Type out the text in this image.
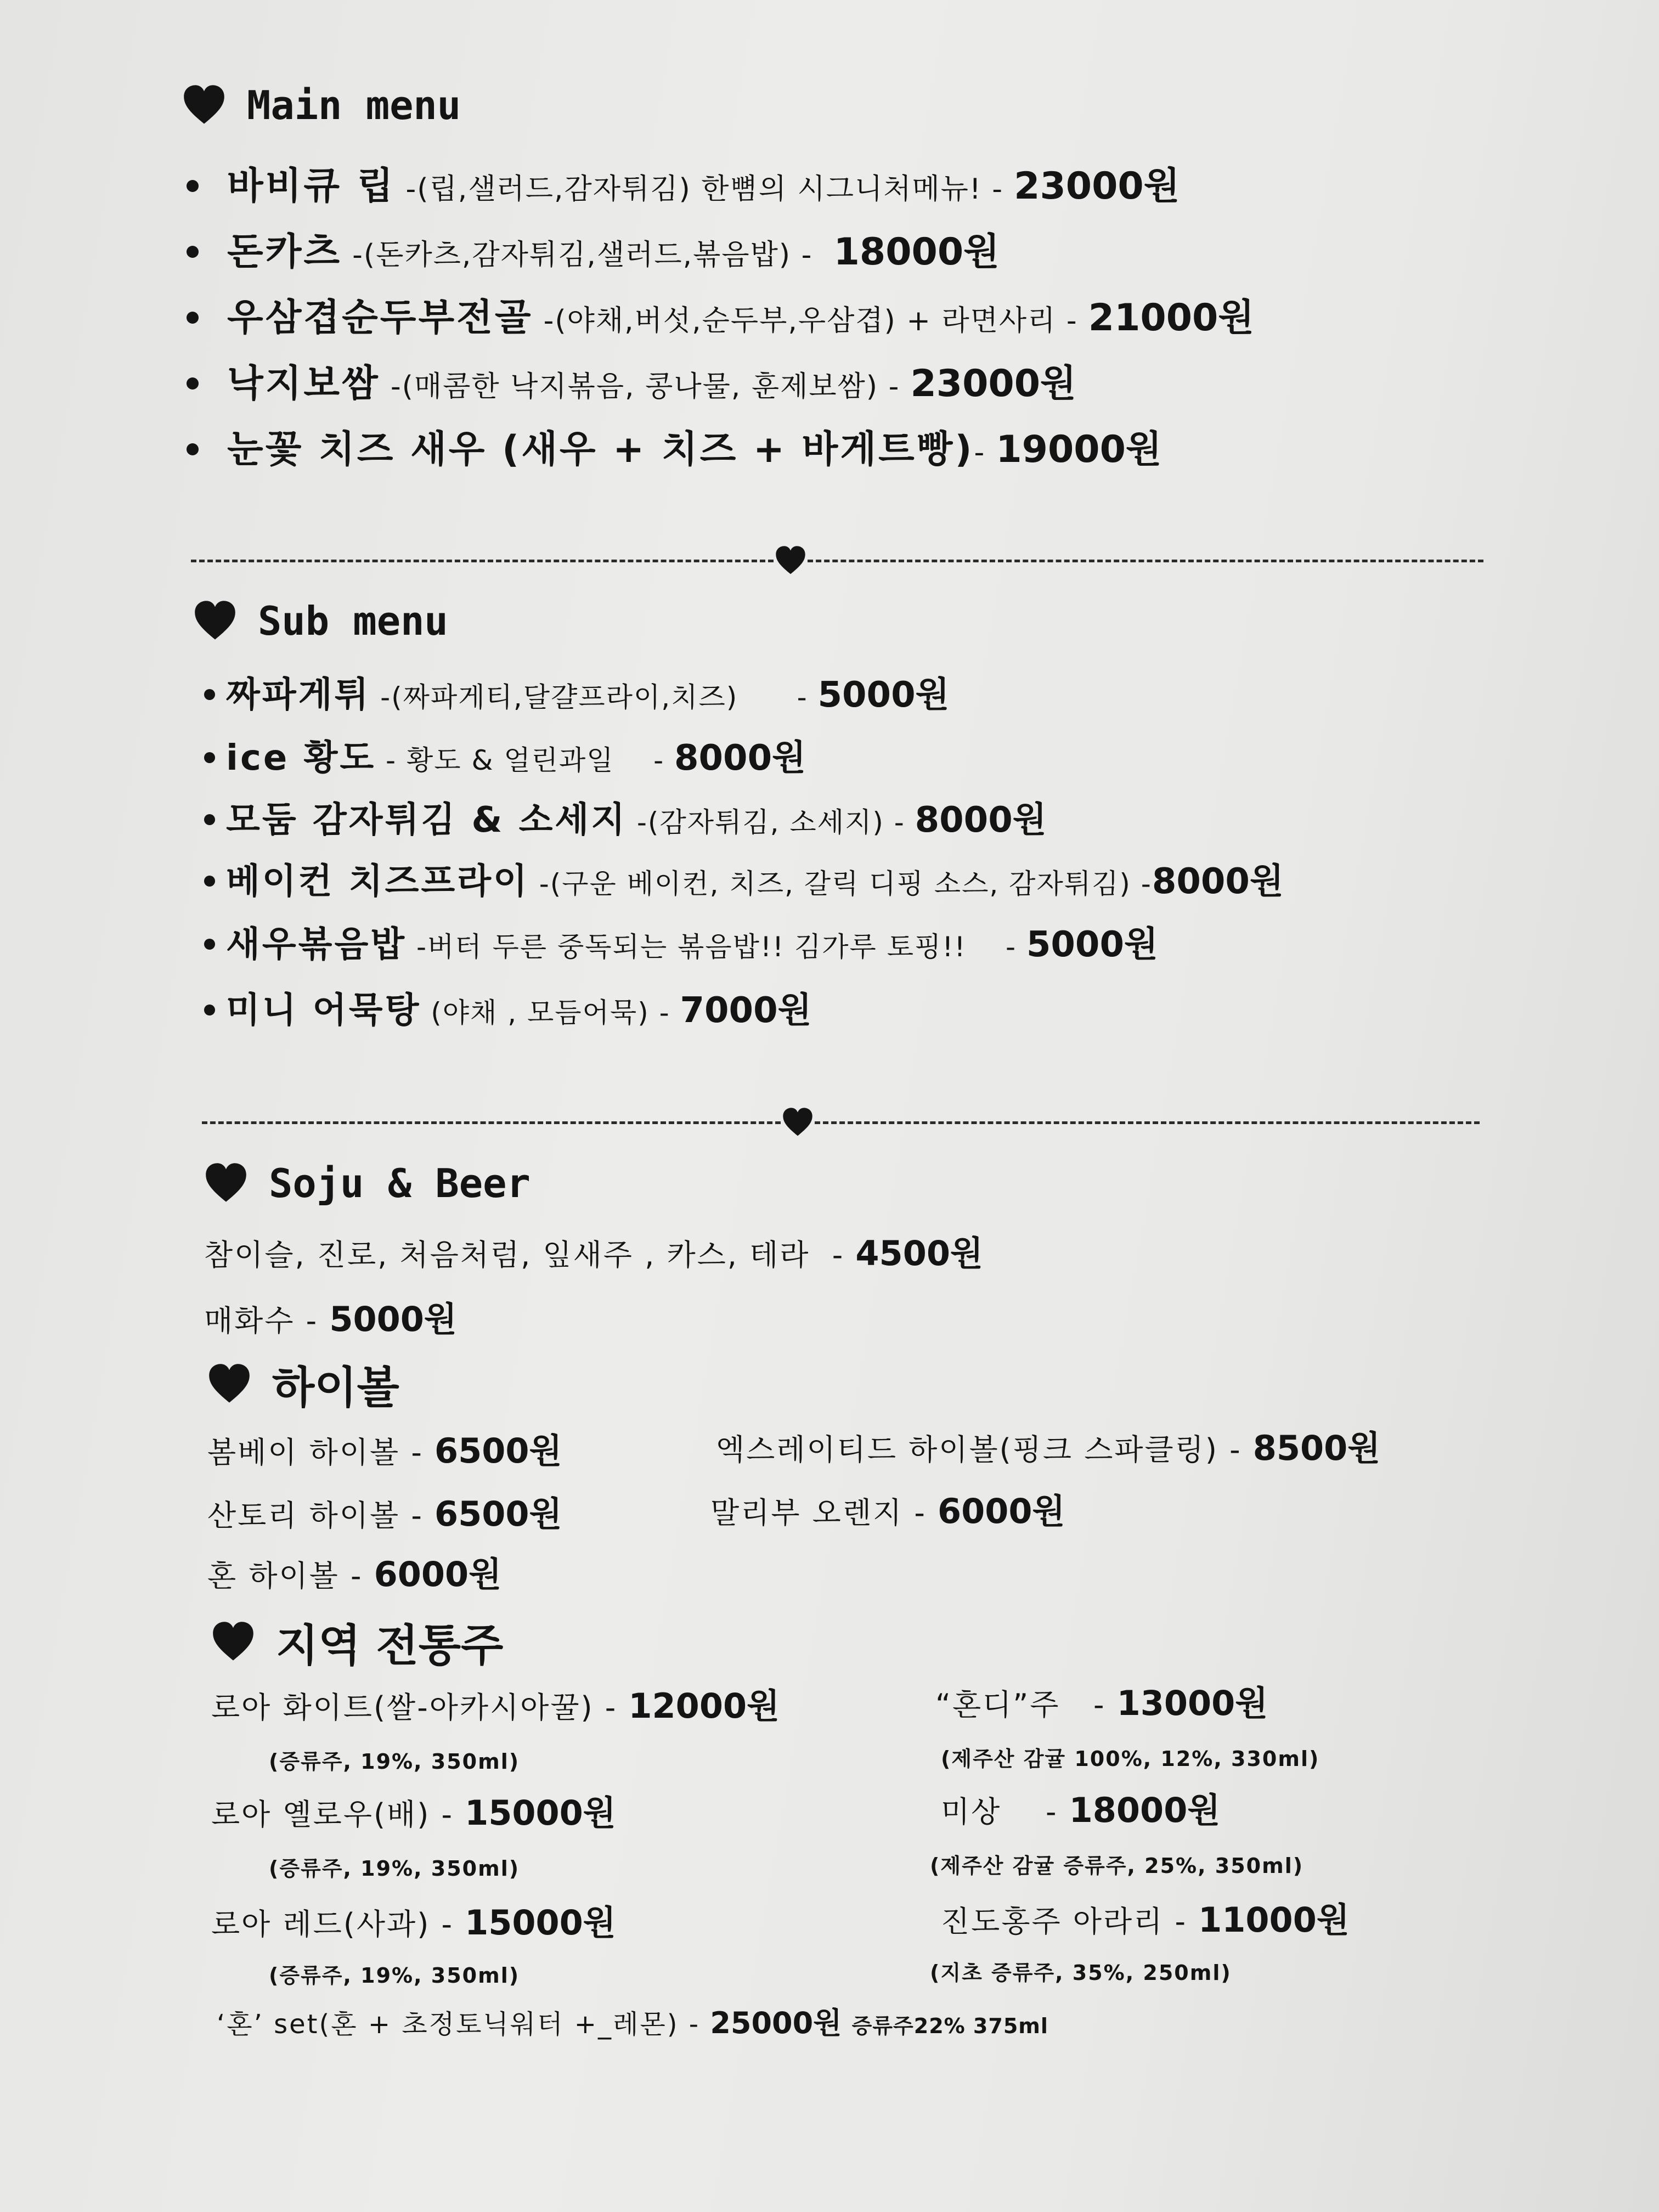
Main menu
바비큐 립
-(립,샐러드,감자튀김) 한뼘의 시그니처메뉴! -
23000원
돈카츠
-(돈카츠,감자튀김,샐러드,볶음밥) -
18000원
우삼겹순두부전골
-(야채,버섯,순두부,우삼겹) + 라면사리 -
21000원
낙지보쌈
-(매콤한 낙지볶음, 콩나물, 훈제보쌈) -
23000원
눈꽃 치즈 새우 (새우 + 치즈 + 바게트빵) -
19000원
Sub menu
짜파게튀
-(짜파게티,달걀프라이,치즈)      -
5000원
ice 황도
- 황도 & 얼린과일    -
8000원
모둠 감자튀김 & 소세지
-(감자튀김, 소세지) -
8000원
베이컨 치즈프라이
-(구운 베이컨, 치즈, 갈릭 디핑 소스, 감자튀김) - 8000원
새우볶음밥
-버터 두른 중독되는 볶음밥!! 김가루 토핑!!    -
5000원
미니 어묵탕
(야채 , 모듬어묵) -
7000원
Soju & Beer
참이슬, 진로, 처음처럼, 잎새주 , 카스, 테라  - 4500원
매화수 - 5000원
하이볼
봄베이 하이볼 - 6500원	엑스레이티드 하이볼(핑크 스파클링) - 8500원
산토리 하이볼 - 6500원	말리부 오렌지 - 6000원
혼 하이볼 - 6000원
지역 전통주
로아 화이트(쌀-아카시아꿀) - 12000원
(증류주, 19%, 350ml)
“혼디”주   - 13000원
(제주산 감귤 100%, 12%, 330ml)
로아 옐로우(배) - 15000원
(증류주, 19%, 350ml)
미상    - 18000원
(제주산 감귤 증류주, 25%, 350ml)
로아 레드(사과) - 15000원
(증류주, 19%, 350ml)
진도홍주 아라리 - 11000원
(지초 증류주, 35%, 250ml)
‘혼’ set(혼 + 초정토닉워터 +_레몬) - 25000원
증류주22% 375ml
